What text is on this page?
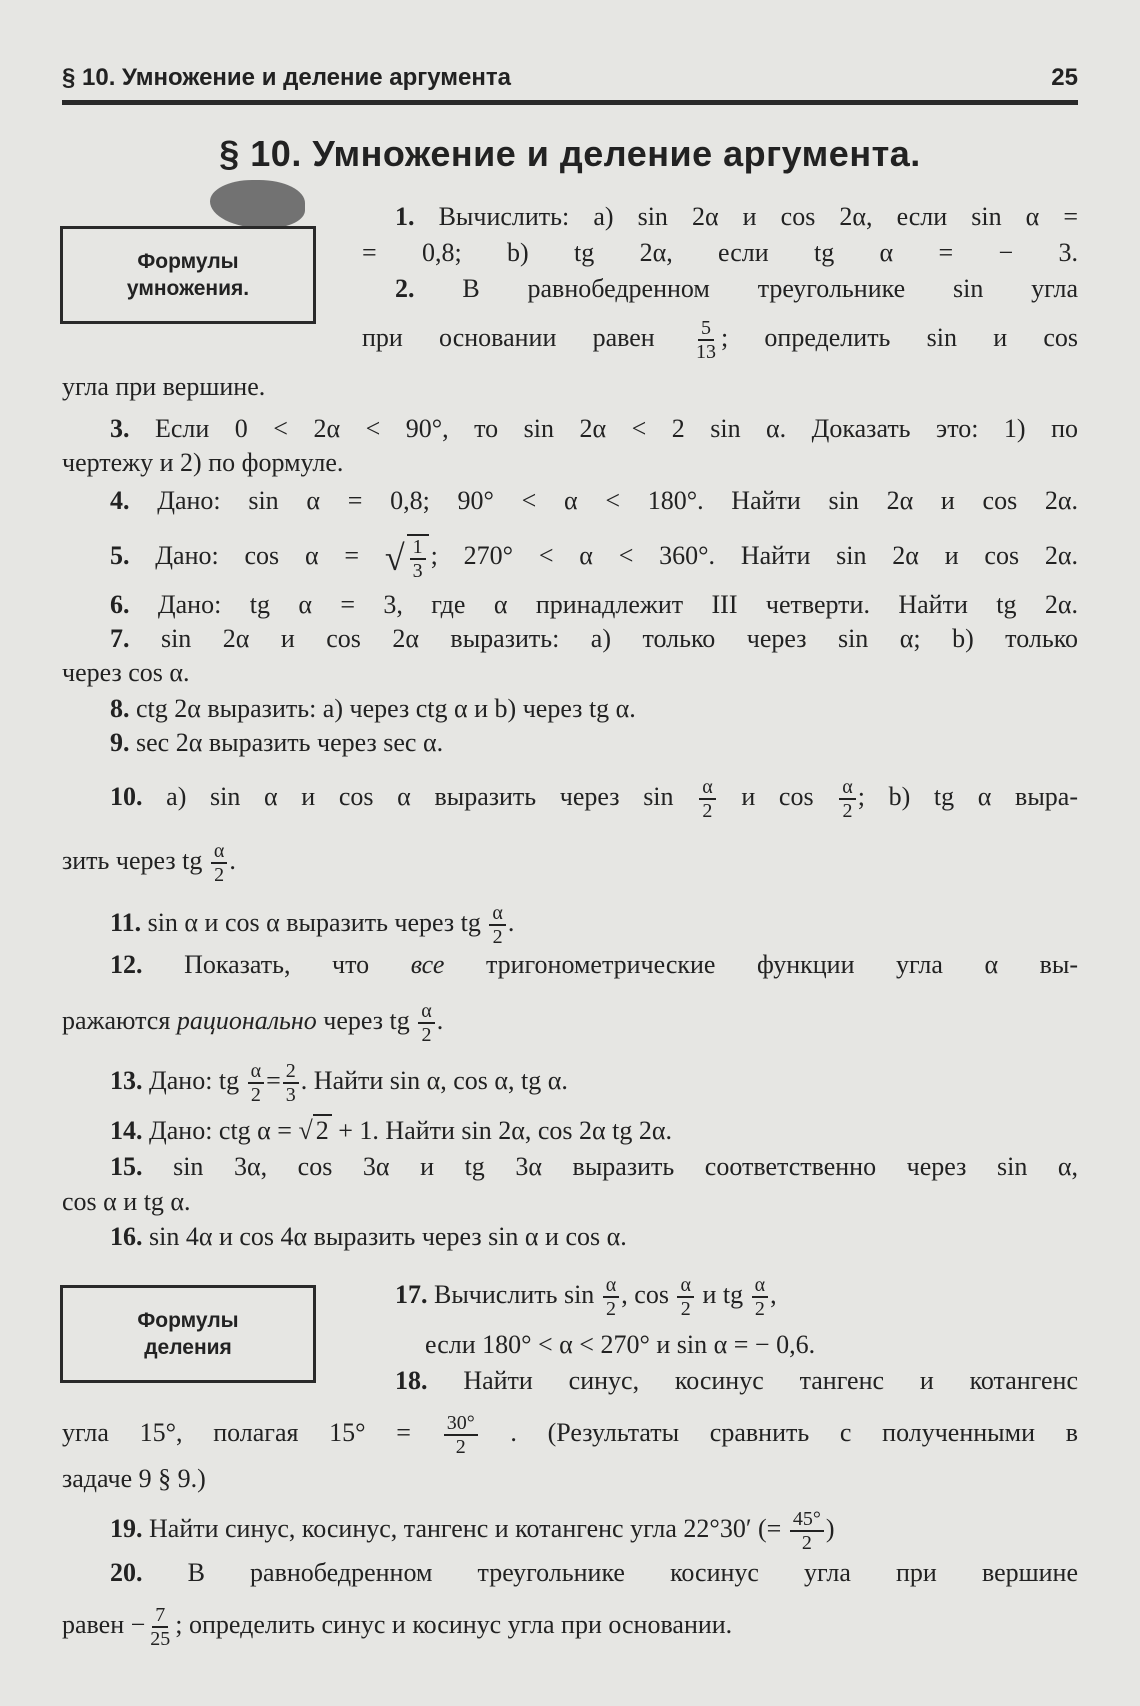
§ 10. Умножение и деление аргумента	25
§ 10. Умножение и деление аргумента.
Формулы
умножения.
1. Вычислить: а) sin 2α и cos 2α, если sin α =
= 0,8; b) tg 2α, если tg α = − 3.
2. В равнобедренном треугольнике sin угла
при основании равен $\frac{5}{13}$ ; определить sin и cos
угла при вершине.
3. Если 0 < 2α < 90°, то sin 2α < 2 sin α. Доказать это: 1) по
чертежу и 2) по формуле.
4. Дано: sin α = 0,8; 90° < α < 180°. Найти sin 2α и cos 2α.
5. Дано: cos α = √ $\frac{1}{3}$ ; 270° < α < 360°. Найти sin 2α и cos 2α.
6. Дано: tg α = 3, где α принадлежит III четверти. Найти tg 2α.
7. sin 2α и cos 2α выразить: а) только через sin α; b) только
через cos α.
8. ctg 2α выразить: а) через ctg α и b) через tg α.
9. sec 2α выразить через sec α.
10. а) sin α и cos α выразить через $\sin \frac{\alpha}{2}$ и $\cos \frac{\alpha}{2}$ ; b) tg α выра-
зить через tg $\frac{\alpha}{2}$ .
11. sin α и cos α выразить через tg $\frac{\alpha}{2}$ .
12. Показать, что все тригонометрические функции угла α вы-
ражаются рационально через tg $\frac{\alpha}{2}$ .
13. Дано: tg $\frac{\alpha}{2} = \frac{2}{3}$ . Найти sin α, cos α, tg α.
14. Дано: ctg α = √ 2 + 1. Найти sin 2α, cos 2α tg 2α.
15. sin 3α, cos 3α и tg 3α выразить соответственно через sin α,
cos α и tg α.
16. sin 4α и cos 4α выразить через sin α и cos α.
Формулы
деления
17. Вычислить $\sin \frac{\alpha}{2}$ , $\cos \frac{\alpha}{2}$ и tg $\frac{\alpha}{2}$ ,
если 180° < α < 270° и sin α = − 0,6.
18. Найти синус, косинус тангенс и котангенс
угла 15°, полагая $15^\circ = \frac{30^\circ}{2}$ . (Результаты сравнить с полученными в
задаче 9 § 9.)
19. Найти синус, косинус, тангенс и котангенс угла 22°30′ (= $\frac{45^\circ}{2}$ )
20. В равнобедренном треугольнике косинус угла при вершине
равен − $\frac{7}{25}$ ; определить синус и косинус угла при основании.
